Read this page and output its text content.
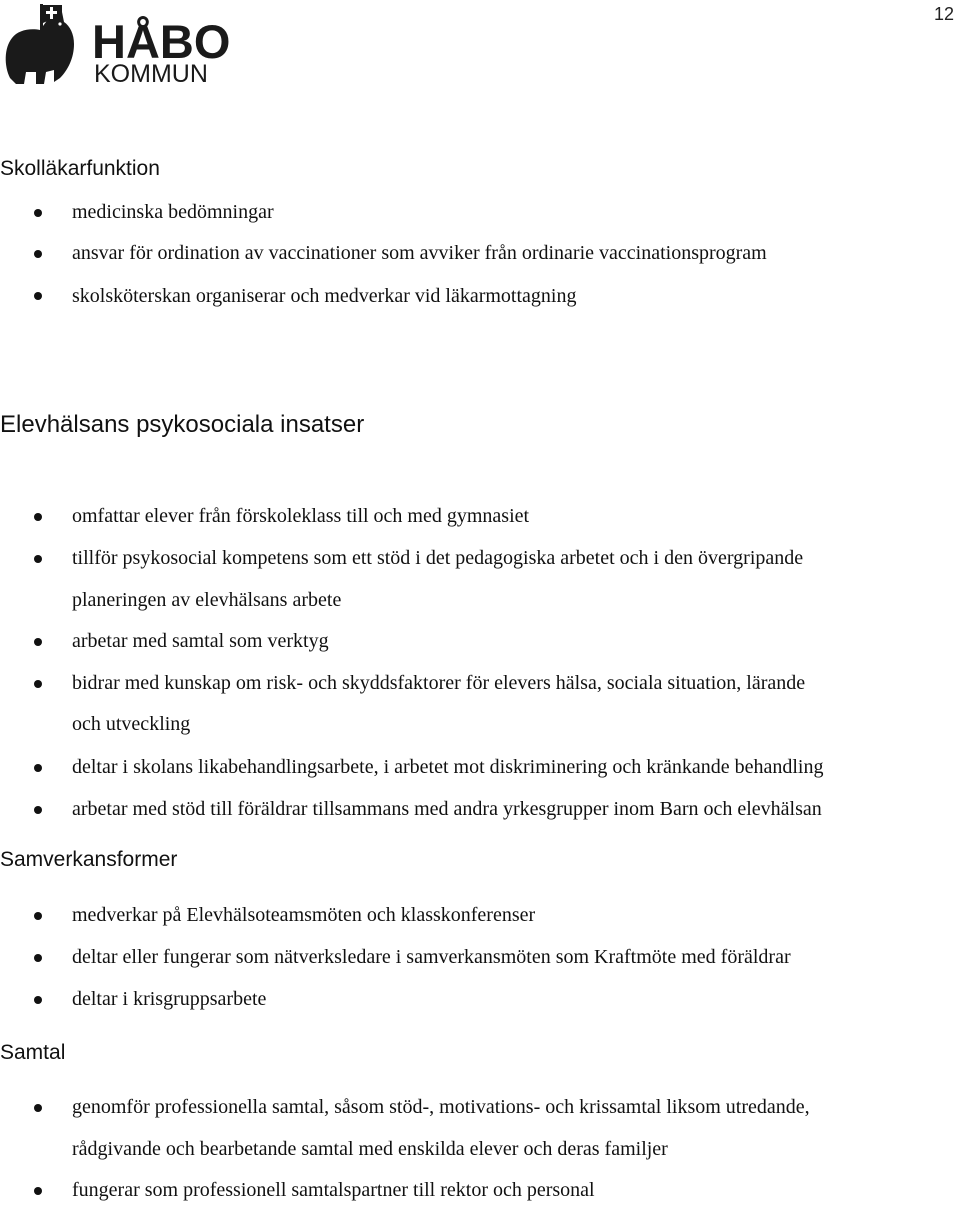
HÅBO
KOMMUN
12
Skolläkarfunktion
medicinska bedömningar
ansvar för ordination av vaccinationer som avviker från ordinarie vaccinationsprogram
skolsköterskan organiserar och medverkar vid läkarmottagning
Elevhälsans psykosociala insatser
omfattar elever från förskoleklass till och med gymnasiet
tillför psykosocial kompetens som ett stöd i det pedagogiska arbetet och i den övergripande
planeringen av elevhälsans arbete
arbetar med samtal som verktyg
bidrar med kunskap om risk- och skyddsfaktorer för elevers hälsa, sociala situation, lärande
och utveckling
deltar i skolans likabehandlingsarbete, i arbetet mot diskriminering och kränkande behandling
arbetar med stöd till föräldrar tillsammans med andra yrkesgrupper inom Barn och elevhälsan
Samverkansformer
medverkar på Elevhälsoteamsmöten och klasskonferenser
deltar eller fungerar som nätverksledare i samverkansmöten som Kraftmöte med föräldrar
deltar i krisgruppsarbete
Samtal
genomför professionella samtal, såsom stöd-, motivations- och krissamtal liksom utredande,
rådgivande och bearbetande samtal med enskilda elever och deras familjer
fungerar som professionell samtalspartner till rektor och personal
